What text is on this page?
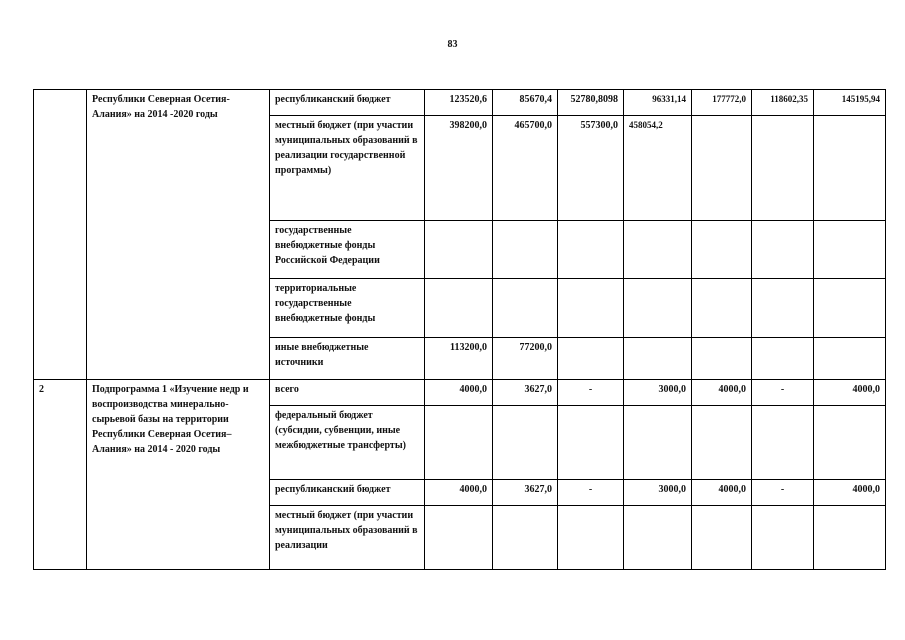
83
	Республики Северная Осетия-Алания» на 2014 -2020 годы	республиканский бюджет	123520,6	85670,4	52780,8098	96331,14	177772,0	118602,35	145195,94
		местный бюджет (при участии муниципальных образований в реализации государственной программы)	398200,0	465700,0	557300,0	458054,2			
		государственные внебюджетные фонды Российской Федерации							
		территориальные государственные внебюджетные фонды							
		иные внебюджетные источники	113200,0	77200,0					
2	Подпрограмма 1 «Изучение недр и воспроизводства минерально-сырьевой базы на территории Республики Северная Осетия–Алания» на 2014 - 2020 годы	всего	4000,0	3627,0	-	3000,0	4000,0	-	4000,0
		федеральный бюджет (субсидии, субвенции, иные межбюджетные трансферты)							
		республиканский бюджет	4000,0	3627,0	-	3000,0	4000,0	-	4000,0
		местный бюджет (при участии муниципальных образований в реализации							
